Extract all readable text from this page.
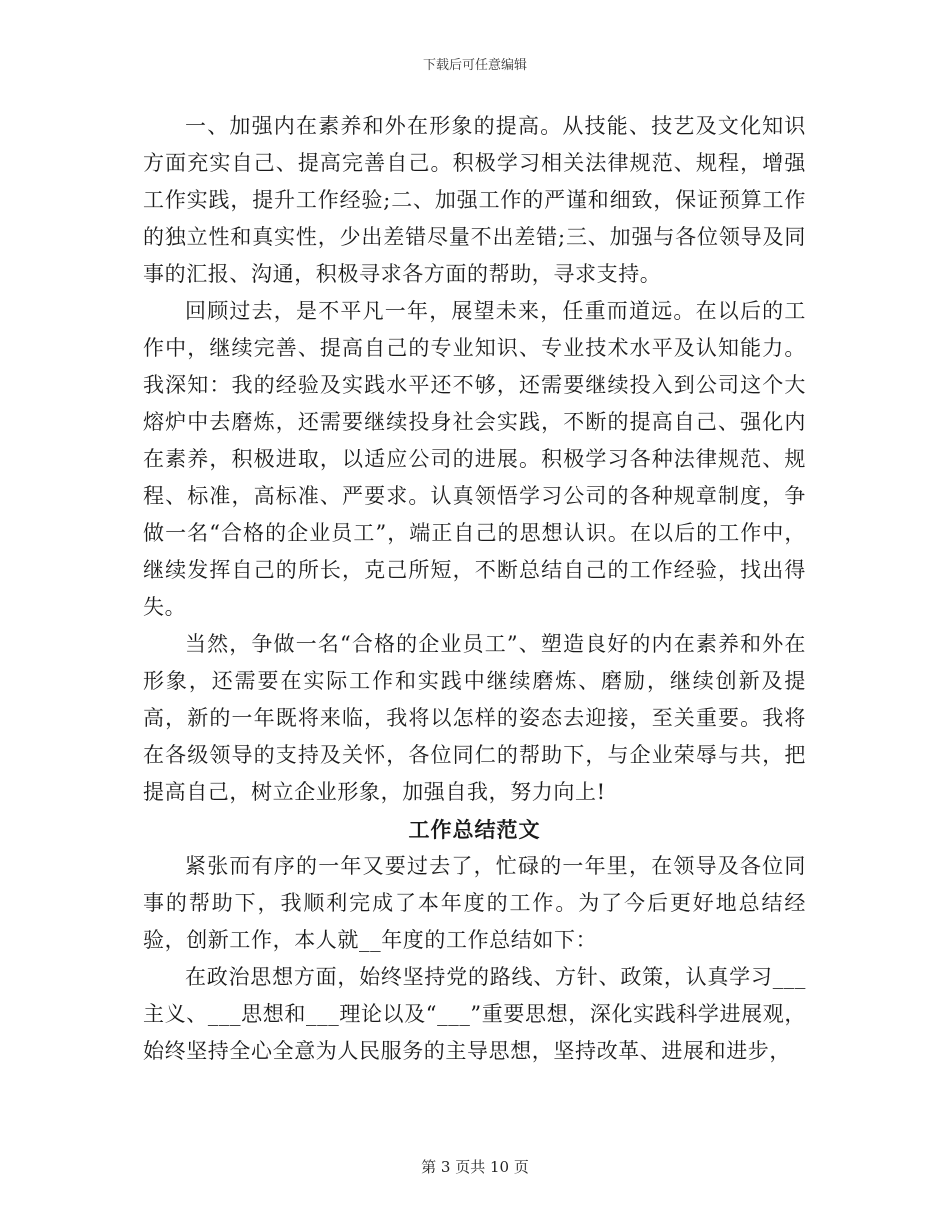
下载后可任意编辑

一、加强内在素养和外在形象的提高。从技能、技艺及文化知识方面充实自己、提高完善自己。积极学习相关法律规范、规程，增强工作实践，提升工作经验;二、加强工作的严谨和细致，保证预算工作的独立性和真实性，少出差错尽量不出差错;三、加强与各位领导及同事的汇报、沟通，积极寻求各方面的帮助，寻求支持。

回顾过去，是不平凡一年，展望未来，任重而道远。在以后的工作中，继续完善、提高自己的专业知识、专业技术水平及认知能力。我深知：我的经验及实践水平还不够，还需要继续投入到公司这个大熔炉中去磨炼，还需要继续投身社会实践，不断的提高自己、强化内在素养，积极进取，以适应公司的进展。积极学习各种法律规范、规程、标准，高标准、严要求。认真领悟学习公司的各种规章制度，争做一名“合格的企业员工”，端正自己的思想认识。在以后的工作中，继续发挥自己的所长，克己所短，不断总结自己的工作经验，找出得失。

当然，争做一名“合格的企业员工”、塑造良好的内在素养和外在形象，还需要在实际工作和实践中继续磨炼、磨励，继续创新及提高，新的一年既将来临，我将以怎样的姿态去迎接，至关重要。我将在各级领导的支持及关怀，各位同仁的帮助下，与企业荣辱与共，把提高自己，树立企业形象，加强自我，努力向上!

工作总结范文

紧张而有序的一年又要过去了，忙碌的一年里，在领导及各位同事的帮助下，我顺利完成了本年度的工作。为了今后更好地总结经验，创新工作，本人就__年度的工作总结如下：

在政治思想方面，始终坚持党的路线、方针、政策，认真学习___主义、___思想和___理论以及“___”重要思想，深化实践科学进展观，始终坚持全心全意为人民服务的主导思想，坚持改革、进展和进步，

第 3 页共 10 页
